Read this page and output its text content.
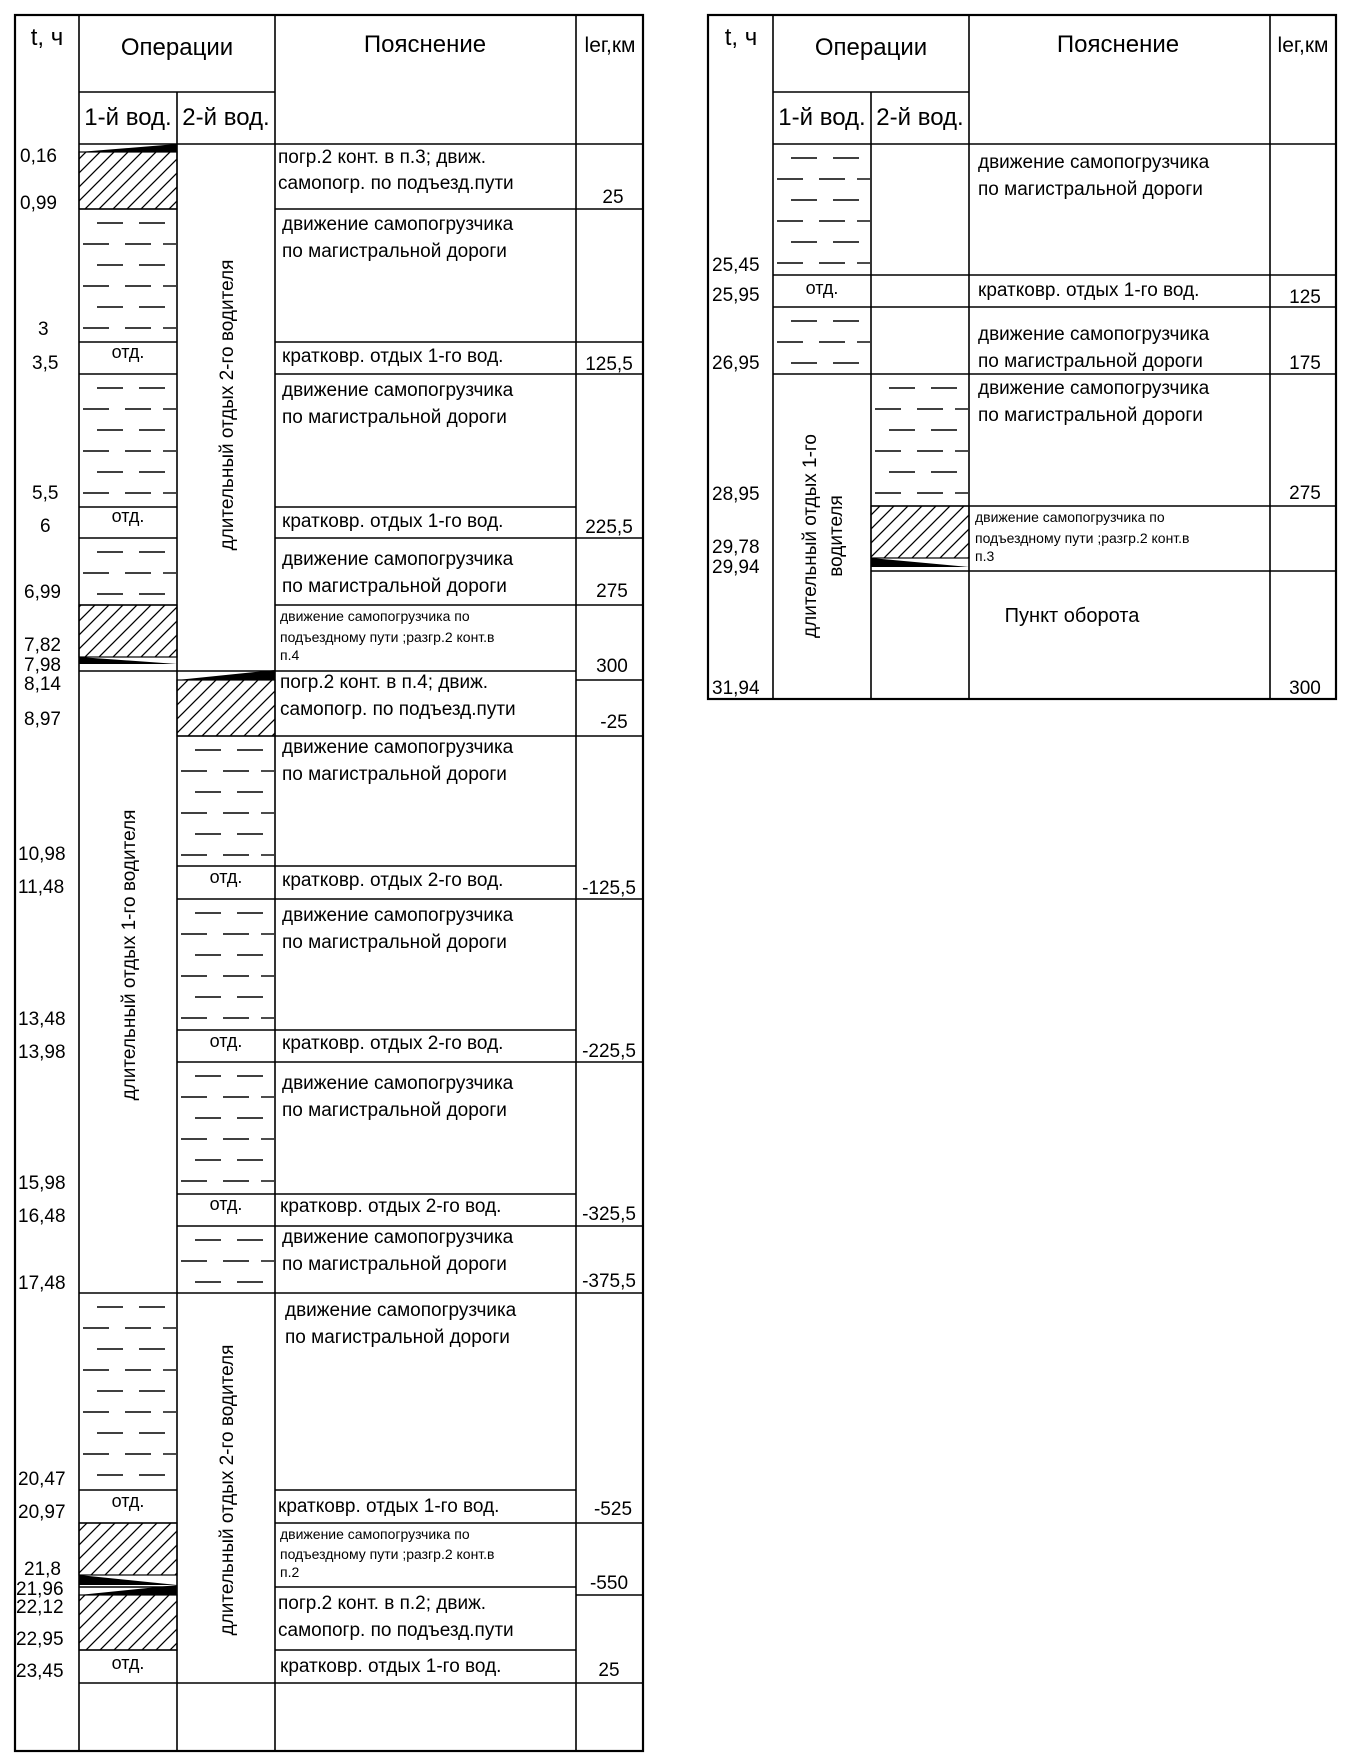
t, ч Операции
1-й вод. 2-й вод.
Пояснение	lег,км
0,16
0,99
3
3,5
5,5
6
6,99
7,82
7,98
8,14
8,97
10,98
11,48
13,48
13,98
15,98
16,48
17,48
20,47
20,97
21,8
21,96
22,12
22,95
23,45
отд.
отд.
отд.
отд.
отд.
отд.
отд.
погр.2 конт. в п.3; движ. самопогр. по подъезд.пути
движение самопогрузчика по магистральной дороги
кратковр. отдых 1-го вод.
движение самопогрузчика по магистральной дороги
кратковр. отдых 1-го вод.
движение самопогрузчика по магистральной дороги
движение самопогрузчика по подъездному пути ;разгр.2 конт.в п.4
погр.2 конт. в п.4; движ. самопогр. по подъезд.пути
движение самопогрузчика по магистральной дороги
кратковр. отдых 2-го вод.
движение самопогрузчика по магистральной дороги
кратковр. отдых 2-го вод.
движение самопогрузчика по магистральной дороги
кратковр. отдых 2-го вод.
движение самопогрузчика по магистральной дороги
движение самопогрузчика по магистральной дороги
кратковр. отдых 1-го вод.
движение самопогрузчика по подъездному пути ;разгр.2 конт.в п.2
погр.2 конт. в п.2; движ. самопогр. по подъезд.пути
кратковр. отдых 1-го вод.
25
125,5
225,5
275
300
-25
-125,5
-225,5
-325,5
-375,5
-525
-550
25
длительный отдых 2-го водителя
длительный отдых 1-го водителя
длительный отдых 2-го водителя
t, ч Операции
1-й вод. 2-й вод.
Пояснение	lег,км
25,45
25,95
26,95
28,95
29,78
29,94
31,94
отд.
движение самопогрузчика по магистральной дороги
кратковр. отдых 1-го вод.
движение самопогрузчика по магистральной дороги
движение самопогрузчика по магистральной дороги
движение самопогрузчика по подъездному пути ;разгр.2 конт.в п.3
Пункт оборота
125
175
275
300
длительный отдых 1-го водителя
